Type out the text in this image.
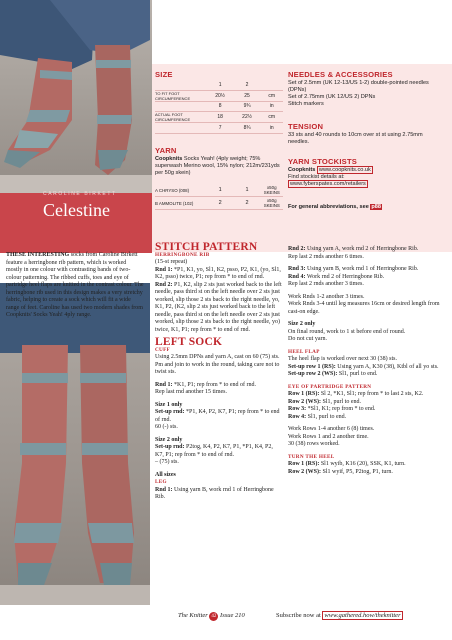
CAROLINE BIRKETT
Celestine
SIZE
	1	2	
TO FIT FOOT CIRCUMFERENCE	20½	25	cm
	8	9¾	in
ACTUAL FOOT CIRCUMFERENCE	18	22½	cm
	7	8¾	in
YARN
Coopknits Socks Yeah! (4ply weight; 75% superwash Merino wool, 15% nylon; 212m/231yds per 50g skein)
A CHRYSO (008)	1	1	x50g SKEINS
B AMMOLITE (102)	2	2	x50g SKEINS
NEEDLES & ACCESSORIES
Set of 2.5mm (UK 12-13/US 1-2) double-pointed needles (DPNs)
Set of 2.75mm (UK 12/US 2) DPNs
Stitch markers
TENSION
33 sts and 40 rounds to 10cm over st st using 2.75mm needles.
YARN STOCKISTS
Coopknits www.coopknits.co.uk
Find stockist details at:
www.fyberspates.com/retailers
For general abbreviations, see p88
THESE INTERESTING socks from Caroline Birkett feature a herringbone rib pattern, which is worked mostly in one colour with contrasting bands of two-colour patterning. The ribbed cuffs, toes and eye of partridge heel flaps are knitted in the contrast colour. The herringbone rib used in this design makes a very stretchy fabric, helping to create a sock which will fit a wide range of feet. Caroline has used two modern shades from Coopknits' Socks Yeah! 4ply range.
STITCH PATTERN
HERRINGBONE RIB
(15-st repeat)
Rnd 1: *P1, K1, yo, Sl1, K2, psso, P2, K1, (yo, Sl1, K2, psso) twice, P1; rep from * to end of rnd.
Rnd 2: P1, K2, slip 2 sts just worked back to the left needle, pass third st on the left needle over 2 sts just worked, slip those 2 sts back to the right needle, yo, K1, P2, (K2, slip 2 sts just worked back to the left needle, pass third st on the left needle over 2 sts just worked, slip those 2 sts back to the right needle, yo) twice, K1, P1; rep from * to end of rnd.
LEFT SOCK
CUFF
Using 2.5mm DPNs and yarn A, cast on 60 (75) sts.
Pm and join to work in the round, taking care not to twist sts.
Rnd 1: *K1, P1; rep from * to end of rnd.
Rep last rnd another 15 times.
Size 1 only
Set-up rnd: *P1, K4, P2, K7, P1; rep from * to end of rnd.
60 (-) sts.
Size 2 only
Set-up rnd: P2tog, K4, P2, K7, P1, *P1, K4, P2, K7, P1; rep from * to end of rnd.
– (75) sts.
All sizes
LEG
Rnd 1: Using yarn B, work rnd 1 of Herringbone Rib.
Rnd 2: Using yarn A, work rnd 2 of Herringbone Rib.
Rep last 2 rnds another 6 times.
Rnd 3: Using yarn B, work rnd 1 of Herringbone Rib.
Rnd 4: Work rnd 2 of Herringbone Rib.
Rep last 2 rnds another 3 times.
Work Rnds 1-2 another 3 times.
Work Rnds 3-4 until leg measures 16cm or desired length from cast-on edge.
Size 2 only
On final round, work to 1 st before end of round.
Do not cut yarn.
HEEL FLAP
The heel flap is worked over next 30 (38) sts.
Set-up row 1 (RS): Using yarn A, K30 (38), Ktbl of all yo sts.
Set-up row 2 (WS): Sl1, purl to end.
EYE OF PARTRIDGE PATTERN
Row 1 (RS): Sl 2, *K1, Sl1; rep from * to last 2 sts, K2.
Row 2 (WS): Sl1, purl to end.
Row 3: *Sl1, K1; rep from * to end.
Row 4: Sl1, purl to end.
Work Rows 1-4 another 6 (8) times.
Work Rows 1 and 2 another time.
30 (38) rows worked.
TURN THE HEEL
Row 1 (RS): Sl1 wyib, K16 (20), SSK, K1, turn.
Row 2 (WS): Sl1 wyif, P5, P2tog, P1, turn.
The Knitter 42 Issue 210	Subscribe now at www.gathered.how/theknitter
